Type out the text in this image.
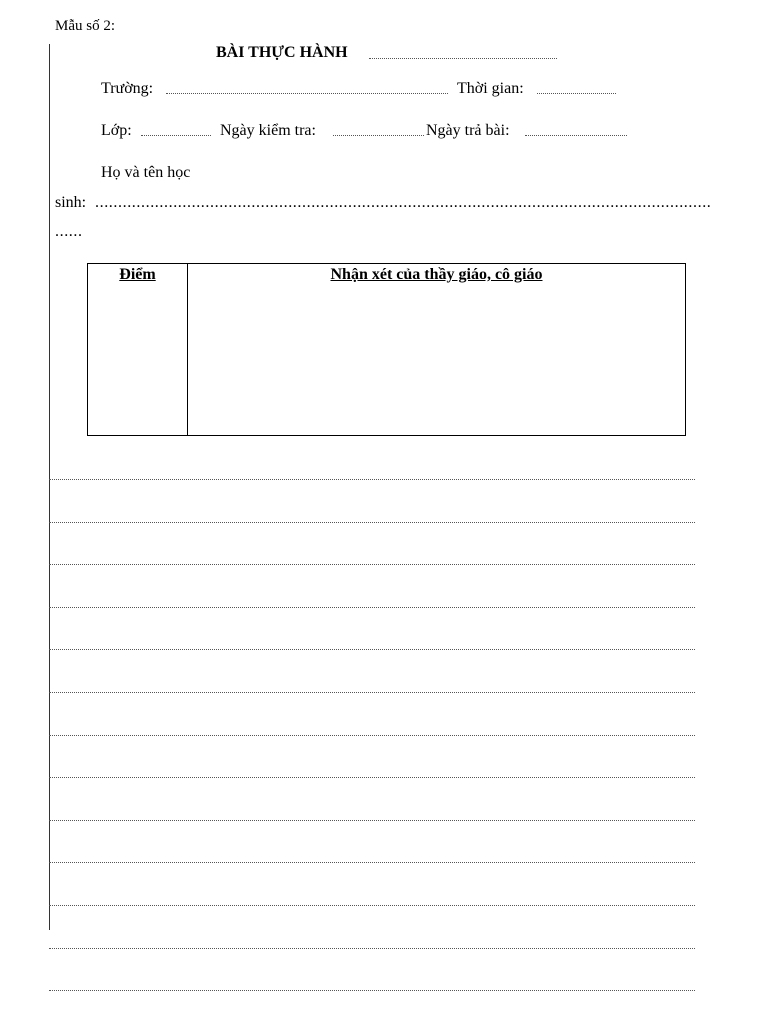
Mẫu số 2:
BÀI THỰC HÀNH
Trường:	Thời gian:
Lớp:	Ngày kiểm tra:	Ngày trả bài:
Họ và tên học
sinh: ......................................................................................................................................
......
Điểm	Nhận xét của thầy giáo, cô giáo
